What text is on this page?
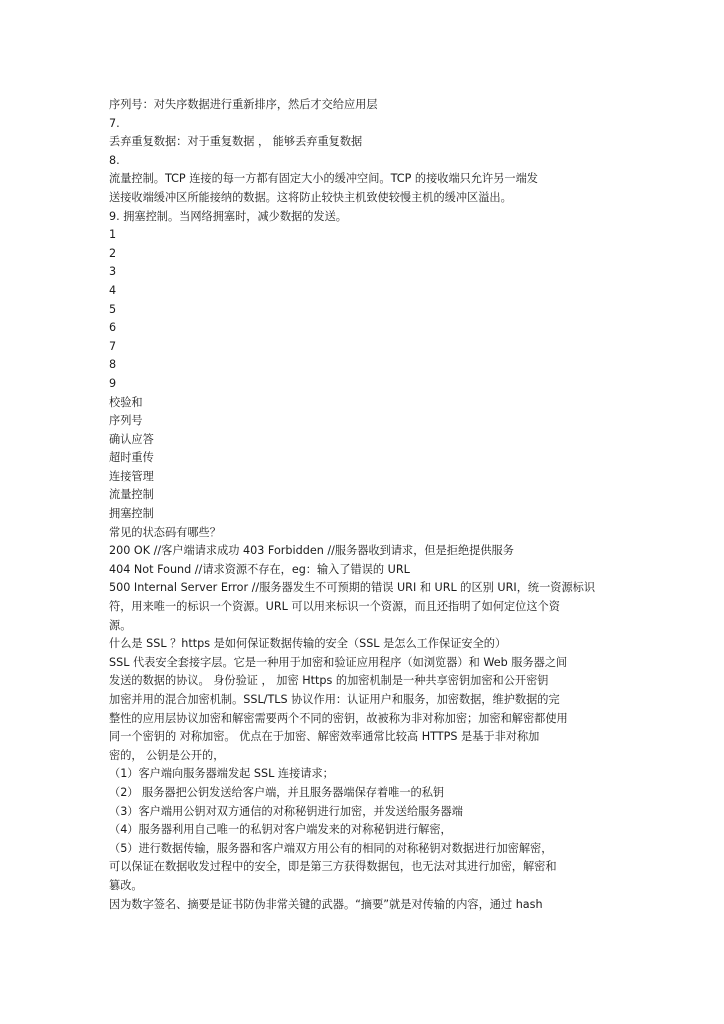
序列号：对失序数据进行重新排序，然后才交给应用层
7.
丢弃重复数据：对于重复数据 ， 能够丢弃重复数据
8.
流量控制。TCP 连接的每一方都有固定大小的缓冲空间。TCP 的接收端只允许另一端发
送接收端缓冲区所能接纳的数据。这将防止较快主机致使较慢主机的缓冲区溢出。
9. 拥塞控制。当网络拥塞时，减少数据的发送。
1
2
3
4
5
6
7
8
9
校验和
序列号
确认应答
超时重传
连接管理
流量控制
拥塞控制
常见的状态码有哪些？
200 OK //客户端请求成功 403 Forbidden //服务器收到请求，但是拒绝提供服务
404 Not Found //请求资源不存在，eg：输入了错误的 URL
500 Internal Server Error //服务器发生不可预期的错误 URI 和 URL 的区别 URI，统一资源标识
符，用来唯一的标识一个资源。URL 可以用来标识一个资源，而且还指明了如何定位这个资
源。
什么是 SSL ？https 是如何保证数据传输的安全（SSL 是怎么工作保证安全的）
SSL 代表安全套接字层。它是一种用于加密和验证应用程序（如浏览器）和 Web 服务器之间
发送的数据的协议。 身份验证 ， 加密 Https 的加密机制是一种共享密钥加密和公开密钥
加密并用的混合加密机制。SSL/TLS 协议作用：认证用户和服务，加密数据，维护数据的完
整性的应用层协议加密和解密需要两个不同的密钥，故被称为非对称加密；加密和解密都使用
同一个密钥的 对称加密。 优点在于加密、解密效率通常比较高 HTTPS 是基于非对称加
密的， 公钥是公开的，
（1）客户端向服务器端发起 SSL 连接请求；
（2） 服务器把公钥发送给客户端，并且服务器端保存着唯一的私钥
（3）客户端用公钥对双方通信的对称秘钥进行加密，并发送给服务器端
（4）服务器利用自己唯一的私钥对客户端发来的对称秘钥进行解密，
（5）进行数据传输，服务器和客户端双方用公有的相同的对称秘钥对数据进行加密解密，
可以保证在数据收发过程中的安全，即是第三方获得数据包，也无法对其进行加密，解密和
篡改。
因为数字签名、摘要是证书防伪非常关键的武器。“摘要”就是对传输的内容，通过 hash
